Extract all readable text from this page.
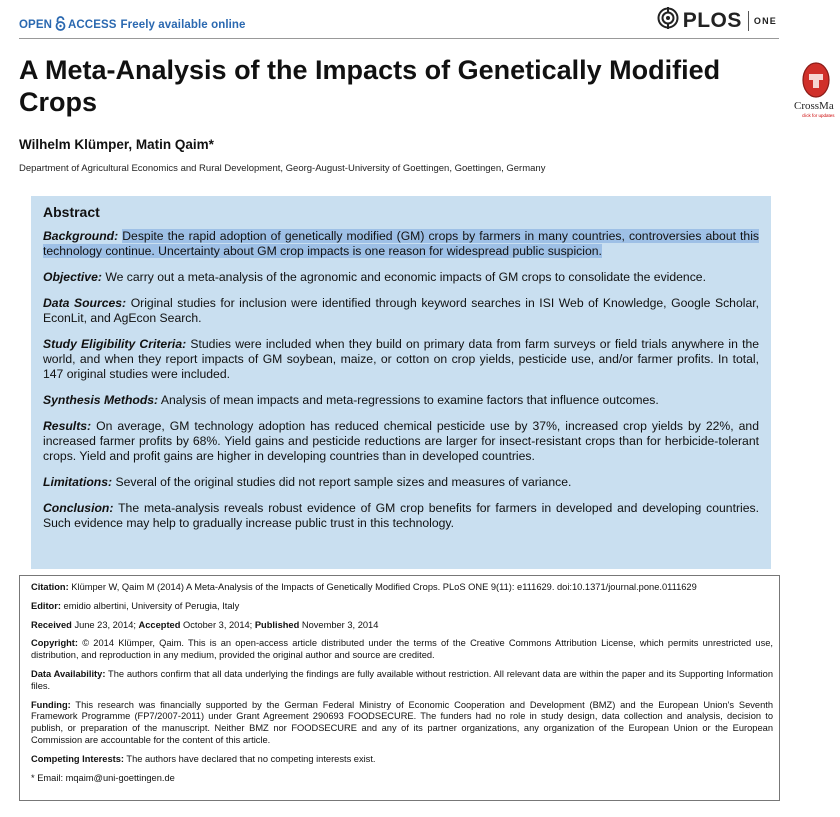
OPEN ACCESS Freely available online	PLOS ONE
A Meta-Analysis of the Impacts of Genetically Modified Crops	CrossMa
click for updates
Wilhelm Klümper, Matin Qaim*
Department of Agricultural Economics and Rural Development, Georg-August-University of Goettingen, Goettingen, Germany
Abstract

Background: Despite the rapid adoption of genetically modified (GM) crops by farmers in many countries, controversies about this technology continue. Uncertainty about GM crop impacts is one reason for widespread public suspicion.

Objective: We carry out a meta-analysis of the agronomic and economic impacts of GM crops to consolidate the evidence.

Data Sources: Original studies for inclusion were identified through keyword searches in ISI Web of Knowledge, Google Scholar, EconLit, and AgEcon Search.

Study Eligibility Criteria: Studies were included when they build on primary data from farm surveys or field trials anywhere in the world, and when they report impacts of GM soybean, maize, or cotton on crop yields, pesticide use, and/or farmer profits. In total, 147 original studies were included.

Synthesis Methods: Analysis of mean impacts and meta-regressions to examine factors that influence outcomes.

Results: On average, GM technology adoption has reduced chemical pesticide use by 37%, increased crop yields by 22%, and increased farmer profits by 68%. Yield gains and pesticide reductions are larger for insect-resistant crops than for herbicide-tolerant crops. Yield and profit gains are higher in developing countries than in developed countries.

Limitations: Several of the original studies did not report sample sizes and measures of variance.

Conclusion: The meta-analysis reveals robust evidence of GM crop benefits for farmers in developed and developing countries. Such evidence may help to gradually increase public trust in this technology.

Citation: Klümper W, Qaim M (2014) A Meta-Analysis of the Impacts of Genetically Modified Crops. PLoS ONE 9(11): e111629. doi:10.1371/journal.pone.0111629

Editor: emidio albertini, University of Perugia, Italy

Received June 23, 2014; Accepted October 3, 2014; Published November 3, 2014

Copyright: © 2014 Klümper, Qaim. This is an open-access article distributed under the terms of the Creative Commons Attribution License, which permits unrestricted use, distribution, and reproduction in any medium, provided the original author and source are credited.

Data Availability: The authors confirm that all data underlying the findings are fully available without restriction. All relevant data are within the paper and its Supporting Information files.

Funding: This research was financially supported by the German Federal Ministry of Economic Cooperation and Development (BMZ) and the European Union's Seventh Framework Programme (FP7/2007-2011) under Grant Agreement 290693 FOODSECURE. The funders had no role in study design, data collection and analysis, decision to publish, or preparation of the manuscript. Neither BMZ nor FOODSECURE and any of its partner organizations, any organization of the European Union or the European Commission are accountable for the content of this article.

Competing Interests: The authors have declared that no competing interests exist.

* Email: mqaim@uni-goettingen.de
